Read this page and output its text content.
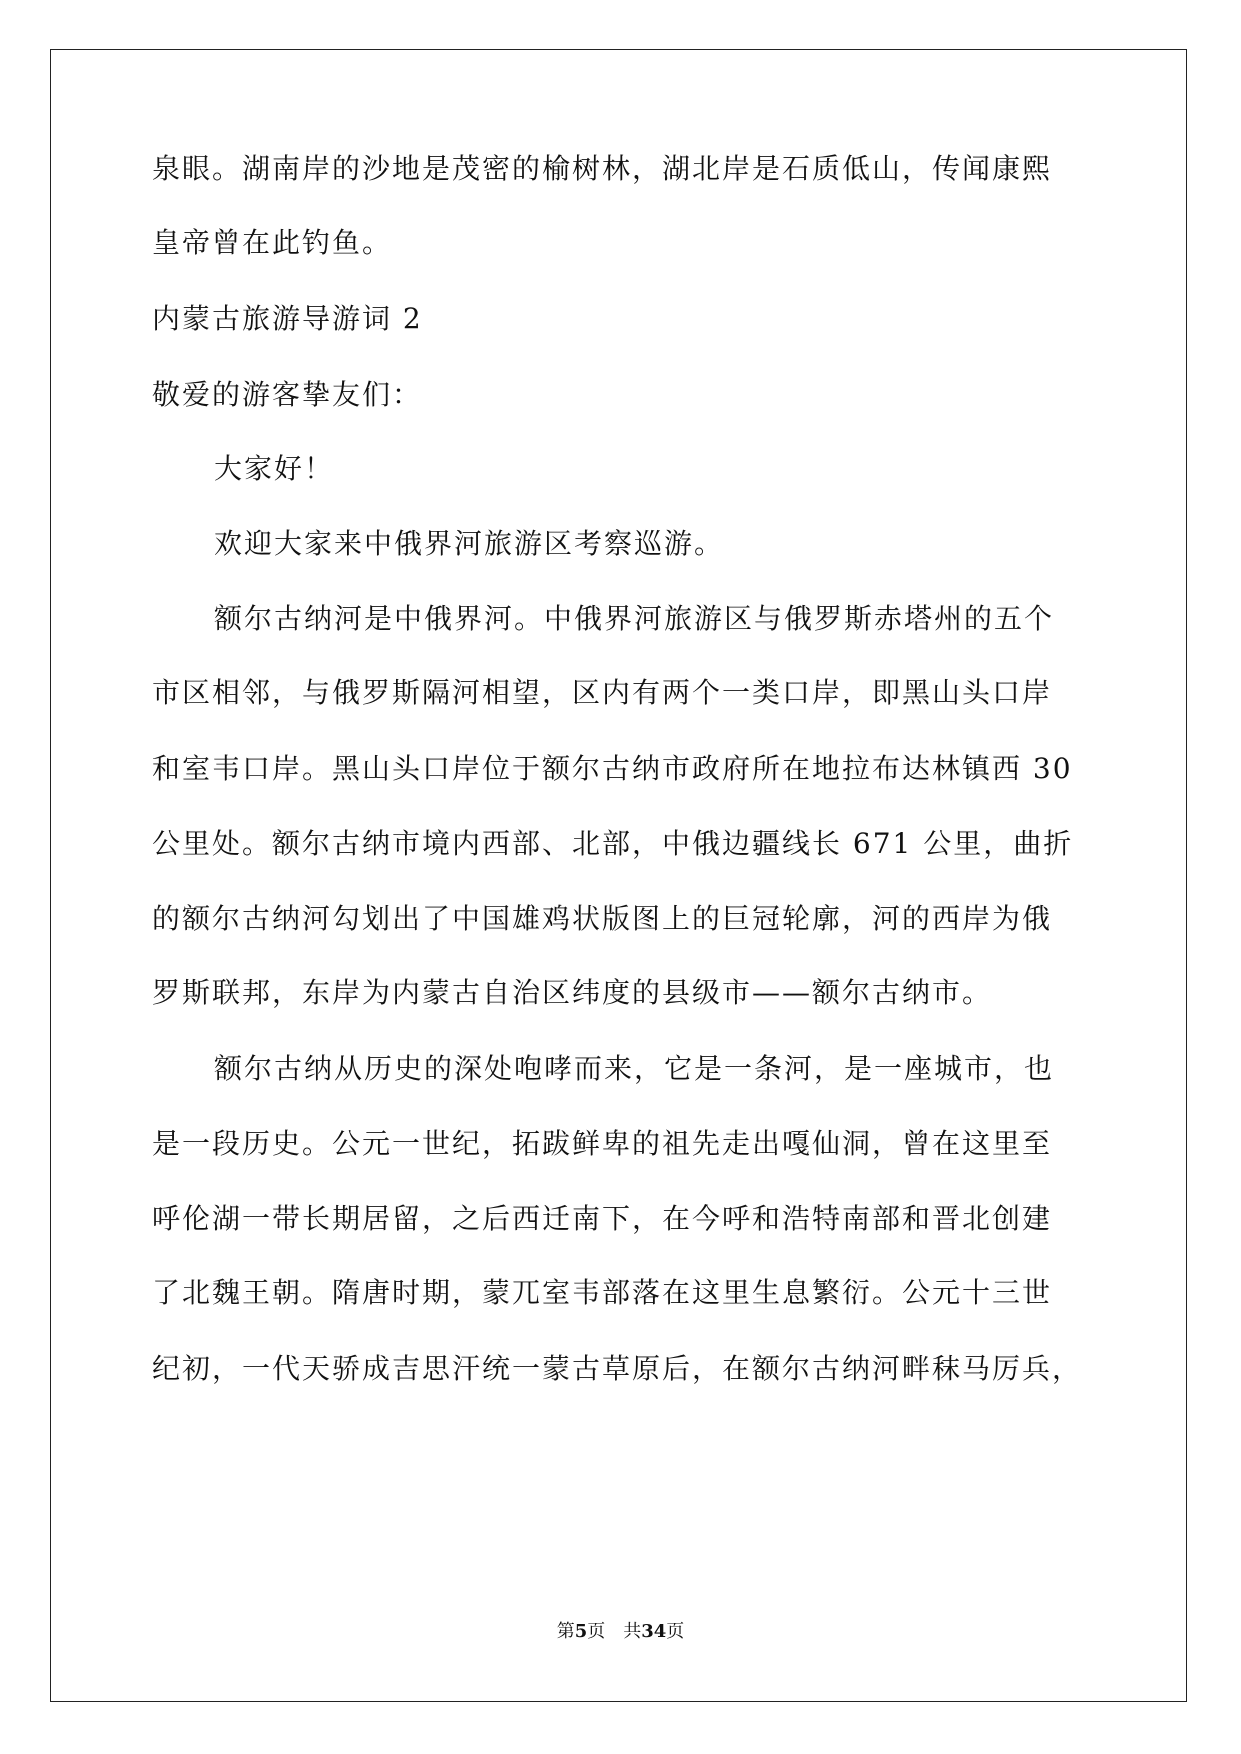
泉眼。湖南岸的沙地是茂密的榆树林，湖北岸是石质低山，传闻康熙
皇帝曾在此钓鱼。
内蒙古旅游导游词 2
敬爱的游客挚友们：
大家好！
欢迎大家来中俄界河旅游区考察巡游。
额尔古纳河是中俄界河。中俄界河旅游区与俄罗斯赤塔州的五个
市区相邻，与俄罗斯隔河相望，区内有两个一类口岸，即黑山头口岸
和室韦口岸。黑山头口岸位于额尔古纳市政府所在地拉布达林镇西 30
公里处。额尔古纳市境内西部、北部，中俄边疆线长 671 公里，曲折
的额尔古纳河勾划出了中国雄鸡状版图上的巨冠轮廓，河的西岸为俄
罗斯联邦，东岸为内蒙古自治区纬度的县级市——额尔古纳市。
额尔古纳从历史的深处咆哮而来，它是一条河，是一座城市，也
是一段历史。公元一世纪，拓跋鲜卑的祖先走出嘎仙洞，曾在这里至
呼伦湖一带长期居留，之后西迁南下，在今呼和浩特南部和晋北创建
了北魏王朝。隋唐时期，蒙兀室韦部落在这里生息繁衍。公元十三世
纪初，一代天骄成吉思汗统一蒙古草原后，在额尔古纳河畔秣马厉兵，
第5页　共34页
